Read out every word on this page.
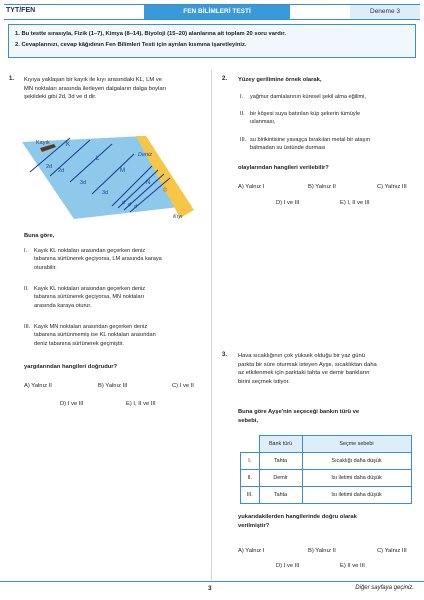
TYT/FEN	FEN BİLİMLERİ TESTİ	Deneme 3
1. Bu testte sırasıyla, Fizik (1–7), Kimya (8–14), Biyoloji (15–20) alanlarına ait toplam 20 soru vardır.
2. Cevaplarınızı, cevap kâğıdının Fen Bilimleri Testi için ayrılan kısmına işaretleyiniz.
1. Kıyıya yaklaşan bir kayık ile kıyı arasındaki KL, LM ve
MN noktaları arasında ilerleyen dalgaların dalga boyları
şekildeki gibi 2d, 3d ve d dir.
Kayık
Deniz
Kıyı
K
L
M
N
2d
2d
3d
3d
d d d
✲
Buna göre,
I. Kayık KL noktaları arasından geçerken deniz
tabanına sürtünerek geçiyorsa, LM arasında karaya
oturabilir.
II. Kayık KL noktaları arasından geçerken deniz
tabanına sürtünerek geçiyorsa, MN noktaları
arasında karaya oturur.
III. Kayık MN noktaları arasından geçerken deniz
tabanına sürtünmemiş ise KL noktaları arasından
deniz tabanına sürtünerek geçmiştir.
yargılarından hangileri doğrudur?
A) Yalnız II	B) Yalnız III	C) I ve II
D) I ve III	E) I, II ve III
2. Yüzey gerilimine örnek olarak,
I. yağmur damlalarının küresel şekil alma eğilimi,
II. bir köşesi suya batırılan küp şekerin tümüyle
ıslanması,
III. su birikintisine yavaşça bırakılan metal bir ataşın
batmadan su üstünde durması
olaylarından hangileri verilebilir?
A) Yalnız I	B) Yalnız II	C) Yalnız III
D) I ve III	E) I, II ve III
3. Hava sıcaklığının çok yüksek olduğu bir yaz günü
parkta bir süre oturmak isteyen Ayşe, sıcaklıktan daha
az etkilenmek için parktaki tahta ve demir bankların
birini seçmek istiyor.
Buna göre Ayşe'nin seçeceği bankın türü ve
sebebi,
	Bank türü	Seçme sebebi
I.	Tahta	Sıcaklığı daha düşük
II.	Demir	Isı iletimi daha düşük
III.	Tahta	Isı iletimi daha düşük
yukarıdakilerden hangilerinde doğru olarak
verilmiştir?
A) Yalnız I	B) Yalnız II	C) Yalnız III
D) I ve III	E) II ve III
3	Diğer sayfaya geçiniz.
